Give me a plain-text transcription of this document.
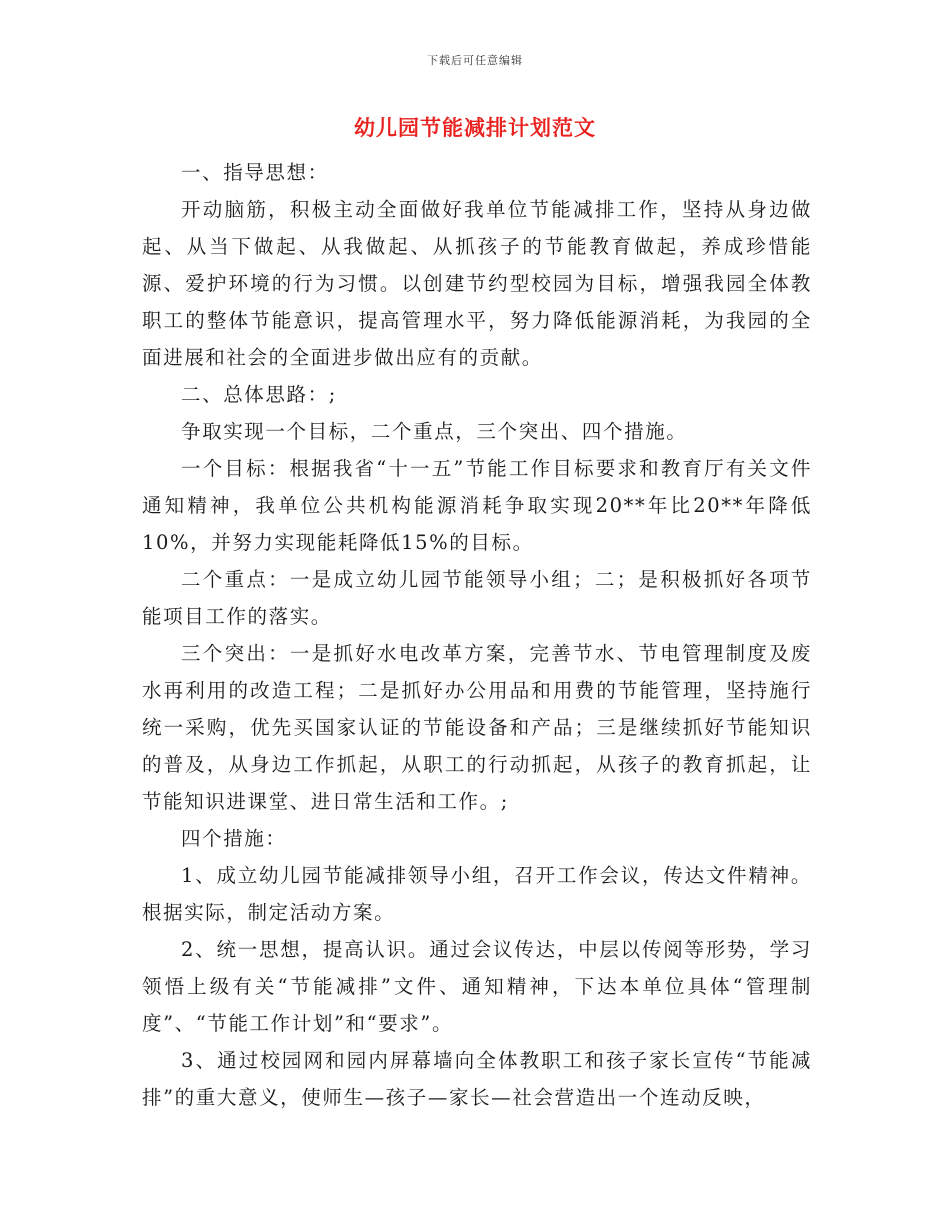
下载后可任意编辑
幼儿园节能减排计划范文

一、指导思想：

开动脑筋，积极主动全面做好我单位节能减排工作，坚持从身边做起、从当下做起、从我做起、从抓孩子的节能教育做起，养成珍惜能源、爱护环境的行为习惯。以创建节约型校园为目标，增强我园全体教职工的整体节能意识，提高管理水平，努力降低能源消耗，为我园的全面进展和社会的全面进步做出应有的贡献。

二、总体思路：;

争取实现一个目标，二个重点，三个突出、四个措施。

一个目标：根据我省“十一五”节能工作目标要求和教育厅有关文件通知精神，我单位公共机构能源消耗争取实现20**年比20**年降低10%，并努力实现能耗降低15%的目标。

二个重点：一是成立幼儿园节能领导小组；二；是积极抓好各项节能项目工作的落实。

三个突出：一是抓好水电改革方案，完善节水、节电管理制度及废水再利用的改造工程；二是抓好办公用品和用费的节能管理，坚持施行统一采购，优先买国家认证的节能设备和产品；三是继续抓好节能知识的普及，从身边工作抓起，从职工的行动抓起，从孩子的教育抓起，让节能知识进课堂、进日常生活和工作。;

四个措施：

1、成立幼儿园节能减排领导小组，召开工作会议，传达文件精神。根据实际，制定活动方案。

2、统一思想，提高认识。通过会议传达，中层以传阅等形势，学习领悟上级有关“节能减排”文件、通知精神，下达本单位具体“管理制度”、“节能工作计划”和“要求”。

3、通过校园网和园内屏幕墙向全体教职工和孩子家长宣传“节能减排”的重大意义，使师生—孩子—家长—社会营造出一个连动反映，
